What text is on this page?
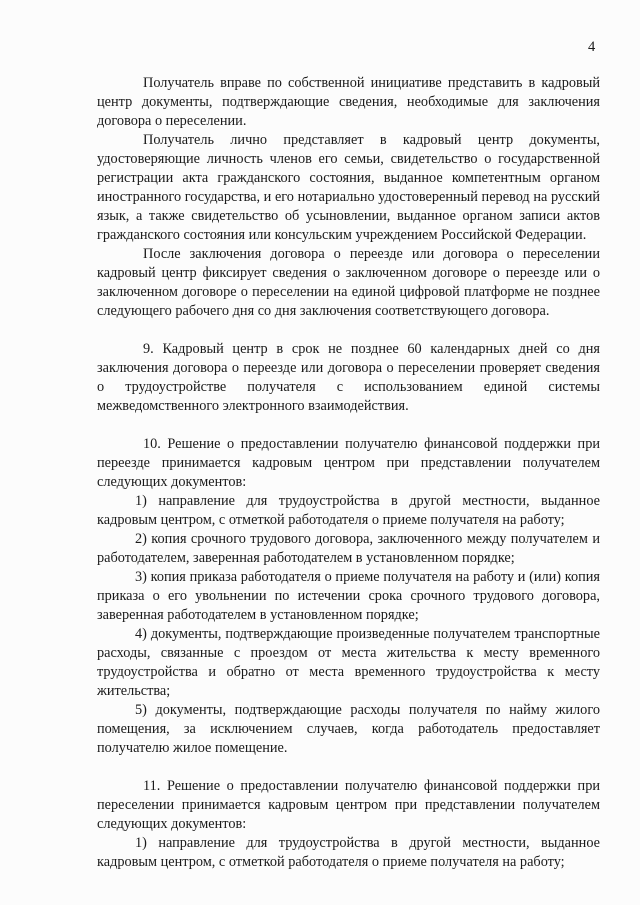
4

Получатель вправе по собственной инициативе представить в кадровый центр документы, подтверждающие сведения, необходимые для заключения договора о переселении.

Получатель лично представляет в кадровый центр документы, удостоверяющие личность членов его семьи, свидетельство о государственной регистрации акта гражданского состояния, выданное компетентным органом иностранного государства, и его нотариально удостоверенный перевод на русский язык, а также свидетельство об усыновлении, выданное органом записи актов гражданского состояния или консульским учреждением Российской Федерации.

После заключения договора о переезде или договора о переселении кадровый центр фиксирует сведения о заключенном договоре о переезде или о заключенном договоре о переселении на единой цифровой платформе не позднее следующего рабочего дня со дня заключения соответствующего договора.

9. Кадровый центр в срок не позднее 60 календарных дней со дня заключения договора о переезде или договора о переселении проверяет сведения о трудоустройстве получателя с использованием единой системы межведомственного электронного взаимодействия.

10. Решение о предоставлении получателю финансовой поддержки при переезде принимается кадровым центром при представлении получателем следующих документов:

1) направление для трудоустройства в другой местности, выданное кадровым центром, с отметкой работодателя о приеме получателя на работу;

2) копия срочного трудового договора, заключенного между получателем и работодателем, заверенная работодателем в установленном порядке;

3) копия приказа работодателя о приеме получателя на работу и (или) копия приказа о его увольнении по истечении срока срочного трудового договора, заверенная работодателем в установленном порядке;

4) документы, подтверждающие произведенные получателем транспортные расходы, связанные с проездом от места жительства к месту временного трудоустройства и обратно от места временного трудоустройства к месту жительства;

5) документы, подтверждающие расходы получателя по найму жилого помещения, за исключением случаев, когда работодатель предоставляет получателю жилое помещение.

11. Решение о предоставлении получателю финансовой поддержки при переселении принимается кадровым центром при представлении получателем следующих документов:

1) направление для трудоустройства в другой местности, выданное кадровым центром, с отметкой работодателя о приеме получателя на работу;
